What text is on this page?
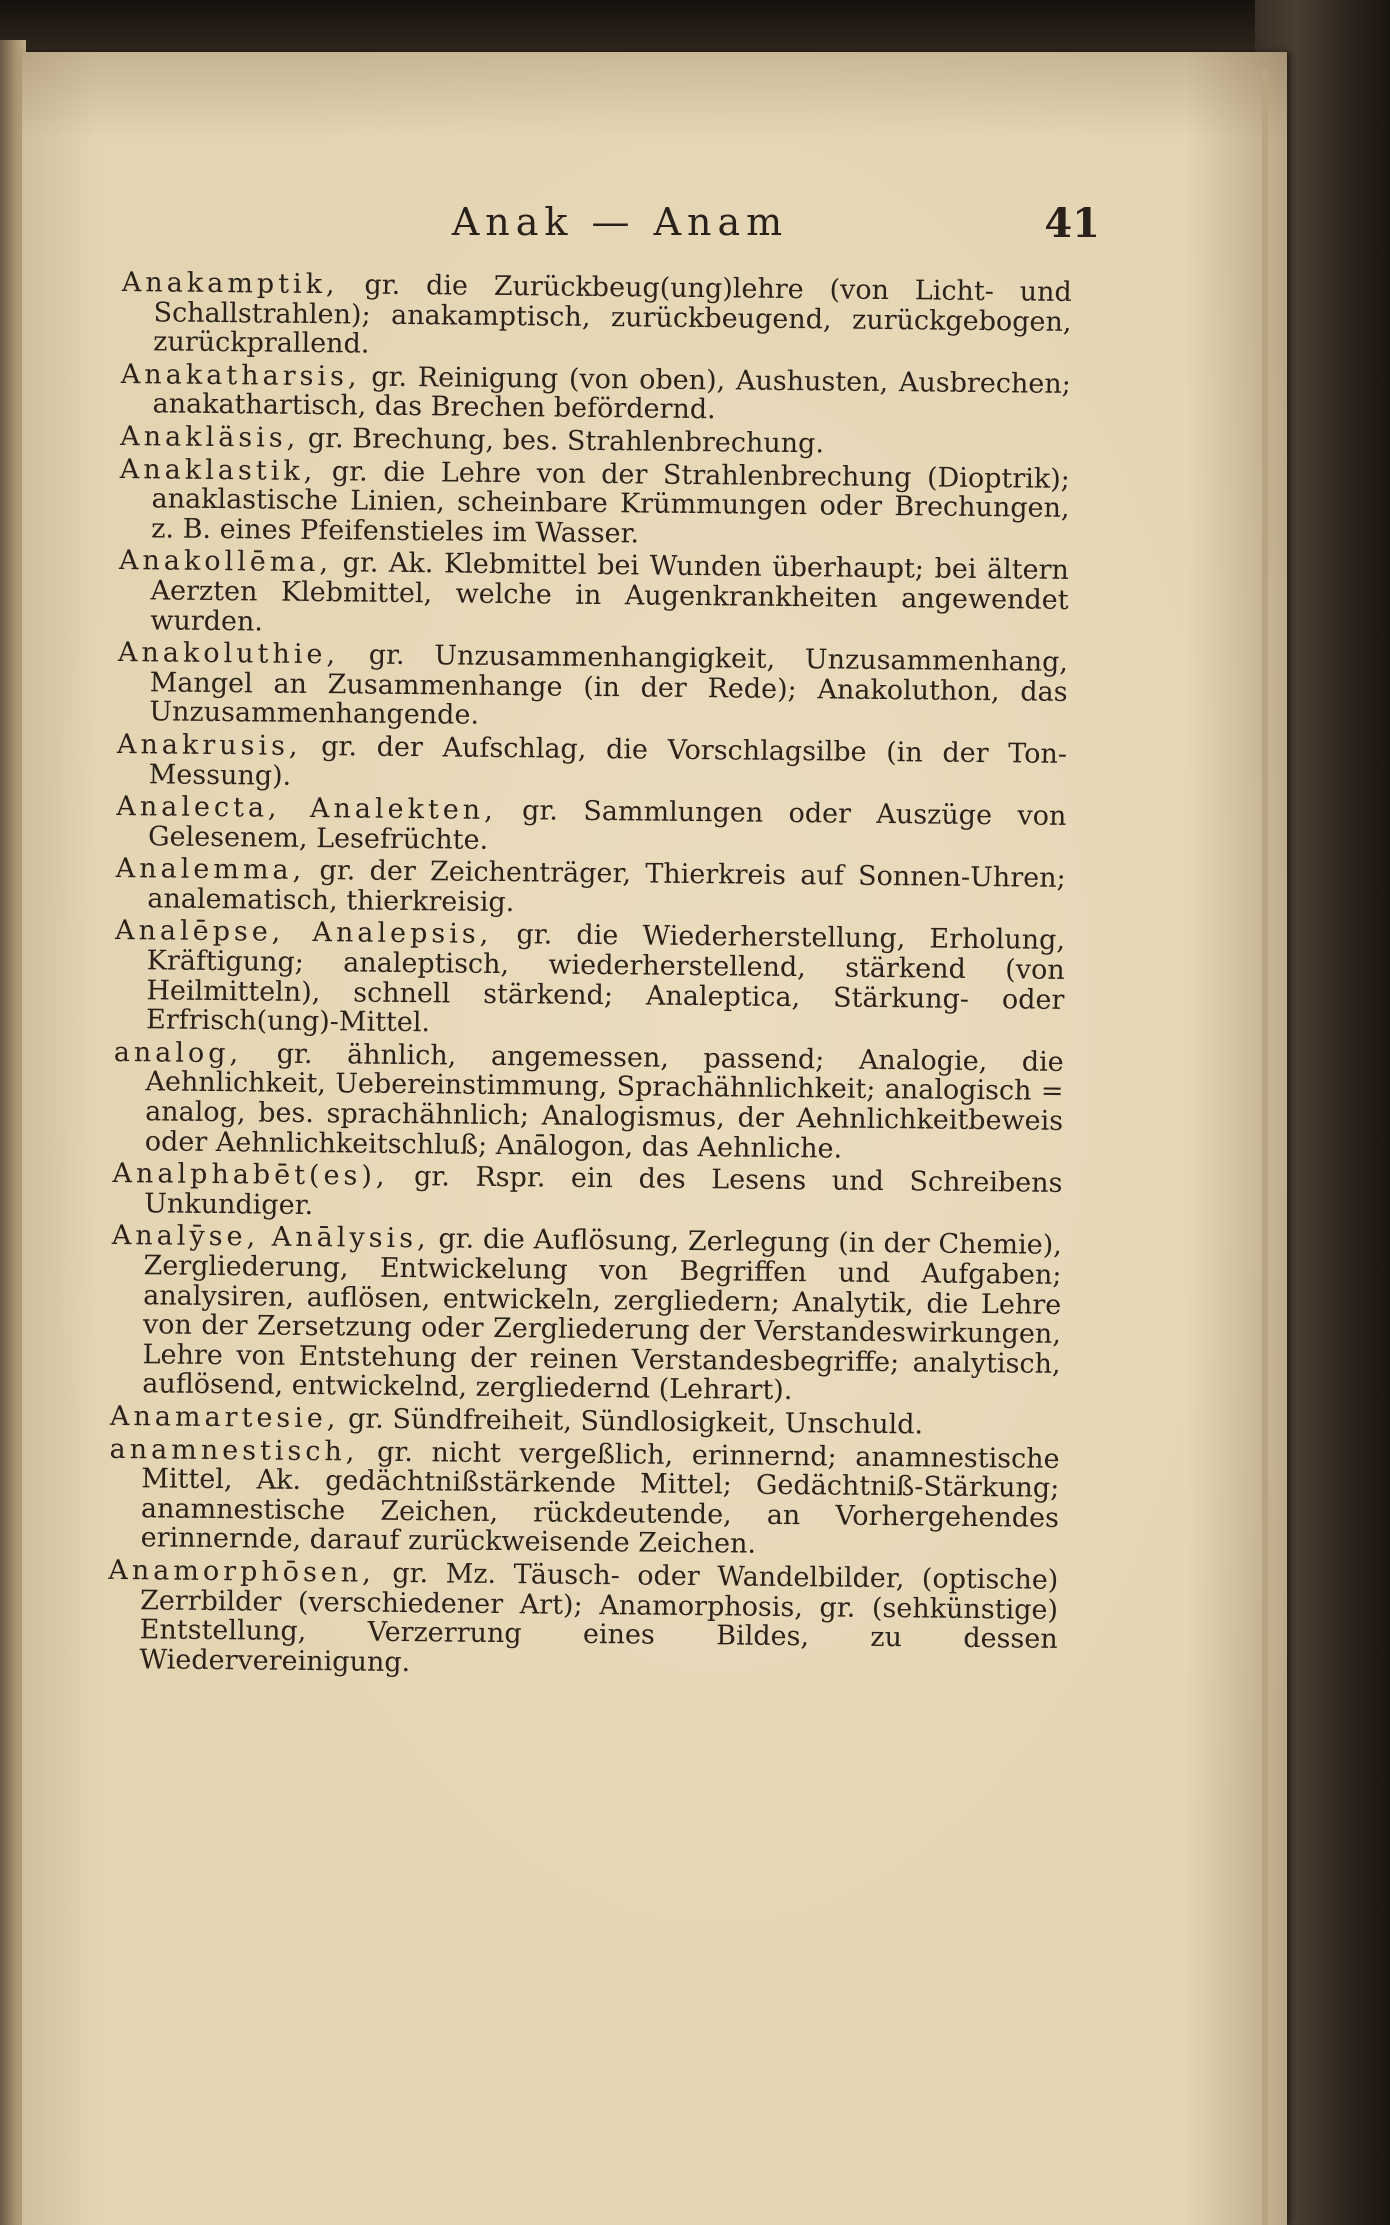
Anak — Anam	41

Anakamptik, gr. die Zurückbeug(ung)lehre (von Licht- und Schallstrahlen); anakamptisch, zurückbeugend, zurückgebogen, zurückprallend.

Anakatharsis, gr. Reinigung (von oben), Aushusten, Ausbrechen; anakathartisch, das Brechen befördernd.

Anakläsis, gr. Brechung, bes. Strahlenbrechung.

Anaklastik, gr. die Lehre von der Strahlenbrechung (Dioptrik); anaklastische Linien, scheinbare Krümmungen oder Brechungen, z. B. eines Pfeifenstieles im Wasser.

Anakollēma, gr. Ak. Klebmittel bei Wunden überhaupt; bei ältern Aerzten Klebmittel, welche in Augenkrankheiten angewendet wurden.

Anakoluthie, gr. Unzusammenhangigkeit, Unzusammenhang, Mangel an Zusammenhange (in der Rede); Anakoluthon, das Unzusammenhangende.

Anakrusis, gr. der Aufschlag, die Vorschlagsilbe (in der Ton-Messung).

Analecta, Analekten, gr. Sammlungen oder Auszüge von Gelesenem, Lesefrüchte.

Analemma, gr. der Zeichenträger, Thierkreis auf Sonnen-Uhren; analematisch, thierkreisig.

Analēpse, Analepsis, gr. die Wiederherstellung, Erholung, Kräftigung; analeptisch, wiederherstellend, stärkend (von Heilmitteln), schnell stärkend; Analeptica, Stärkung- oder Erfrisch(ung)-Mittel.

analog, gr. ähnlich, angemessen, passend; Analogie, die Aehnlichkeit, Uebereinstimmung, Sprachähnlichkeit; analogisch = analog, bes. sprachähnlich; Analogismus, der Aehnlichkeitbeweis oder Aehnlichkeitschluß; Anālogon, das Aehnliche.

Analphabēt(es), gr. Rspr. ein des Lesens und Schreibens Unkundiger.

Analȳse, Anālysis, gr. die Auflösung, Zerlegung (in der Chemie), Zergliederung, Entwickelung von Begriffen und Aufgaben; analysiren, auflösen, entwickeln, zergliedern; Analytik, die Lehre von der Zersetzung oder Zergliederung der Verstandeswirkungen, Lehre von Entstehung der reinen Verstandesbegriffe; analytisch, auflösend, entwickelnd, zergliedernd (Lehrart).

Anamartesie, gr. Sündfreiheit, Sündlosigkeit, Unschuld.

anamnestisch, gr. nicht vergeßlich, erinnernd; anamnestische Mittel, Ak. gedächtnißstärkende Mittel; Gedächtniß-Stärkung; anamnestische Zeichen, rückdeutende, an Vorhergehendes erinnernde, darauf zurückweisende Zeichen.

Anamorphōsen, gr. Mz. Täusch- oder Wandelbilder, (optische) Zerrbilder (verschiedener Art); Anamorphosis, gr. (sehkünstige) Entstellung, Verzerrung eines Bildes, zu dessen Wiedervereinigung.
